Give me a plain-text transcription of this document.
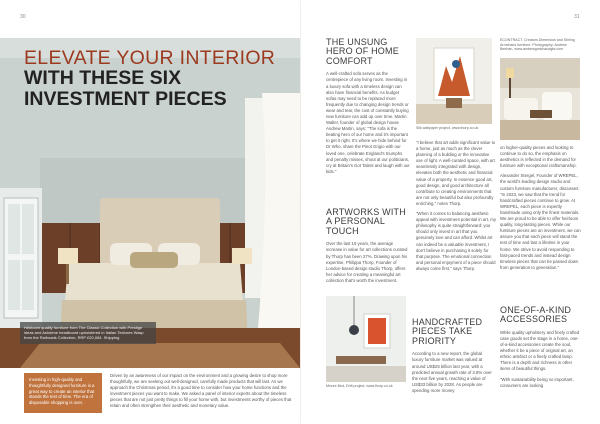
30	31
ELEVATE YOUR INTERIOR
WITH THESE SIX
INVESTMENT PIECES
Heirloom quality furniture from The Classic Collection with Prestige ideas and Ashdene headboard upholstered in Italian Textures Wasp from the Railroads Collection, RRP £20,084. Shipping
Investing in high-quality and thoughtfully designed furniture is a great way to create an interior that stands the test of time. The era of disposable shopping is over.

Driven by an awareness of our impact on the environment and a growing desire to shop more thoughtfully, we are seeking out well-designed, carefully made products that will last. As we approach the Christmas period, it's a good time to consider how your home functions and the investment pieces you want to make. We asked a panel of interior experts about the timeless pieces that are not just pretty things to fill your home with, but investments worthy of pieces that retain and often strengthen their aesthetic and monetary value.

THE UNSUNG HERO OF HOME COMFORT

A well-crafted sofa serves as the centrepiece of any living room. Investing in a luxury sofa with a timeless design can also have financial benefits. As budget sofas may need to be replaced more frequently due to changing design trends or wear and tear, the cost of constantly buying new furniture can add up over time. Martin Waller, founder of global design house Andrew Martin, says: "The sofa is the beating hero of our home and it's important to get it right. It's where we hide behind for Dr Who, share the Pinot Grigio with our loved one, celebrate England's triumphs and penalty misses, shout at our politicians, cry at Britain's Got Talent and laugh with our kids."

ARTWORKS WITH A PERSONAL TOUCH

Over the last 15 years, the average increase in value for art collections curated by Thorp has been 27%. Drawing upon his expertise, Philippa Thorp, Founder of London-based design studio Thorp, offers her advice for creating a meaningful art collection that's worth the investment.

Silk wallpaper project, www.thorp.co.uk
ECONTRACT. Creators Dimension and Stirling Armchairs furniture. Photography: Andrew Beehan, www.andrewgmichaudgbr.com

"I believe that art adds significant value to a home, just as much as the clever planning of a building or the innovative use of light. A well-curated space, with art seamlessly integrated with design, elevates both the aesthetic and financial value of a property. In essence good art, good design, and good architecture all contribute to creating environments that are not only beautiful but also profoundly enriching," notes Thorp.

"When it comes to balancing aesthetic appeal with investment potential in art, my philosophy is quite straightforward: you should only invest in art that you genuinely love and can afford. Whilst art can indeed be a valuable investment, I don't believe in purchasing it solely for that purpose. The emotional connection and personal enjoyment of a piece should always come first," says Thorp.

on higher-quality pieces and looking to continue to do so, the emphasis on aesthetics is reflected in the demand for furniture with exceptional craftsmanship.

Alexander Stergel, Founder of WREPEL, the world's leading design studio and custom furniture manufacturer, discusses: "In 2023, we saw that the trend for handcrafted pieces continue to grow. At WREPEL, each piece is expertly handmade using only the finest materials. We are proud to be able to offer heirloom quality, long-lasting pieces. While our furniture pieces are an investment, we can assure you that each piece will stand the test of time and last a lifetime in your home. We strive to avoid responding to fast-paced trends and instead design timeless pieces that can be passed down from generation to generation."

ONE-OF-A-KIND ACCESSORIES

While quality upholstery and finely crafted case goods set the stage in a home, one-of-a-kind accessories create the soul, whether it be a piece of original art, an ethnic artefact or a finely crafted lamp. There is a depth and richness in other items of beautiful things.

"With sustainability being so important, consumers are looking

Mezze Bed, Drift project, www.thorp.co.uk
HANDCRAFTED PIECES TAKE PRIORITY

According to a new report, the global luxury furniture market was valued at around US$25 billion last year, with a predicted annual growth rate of 3.8% over the next five years, reaching a value of US$33 billion by 2028. As people are spending more money
